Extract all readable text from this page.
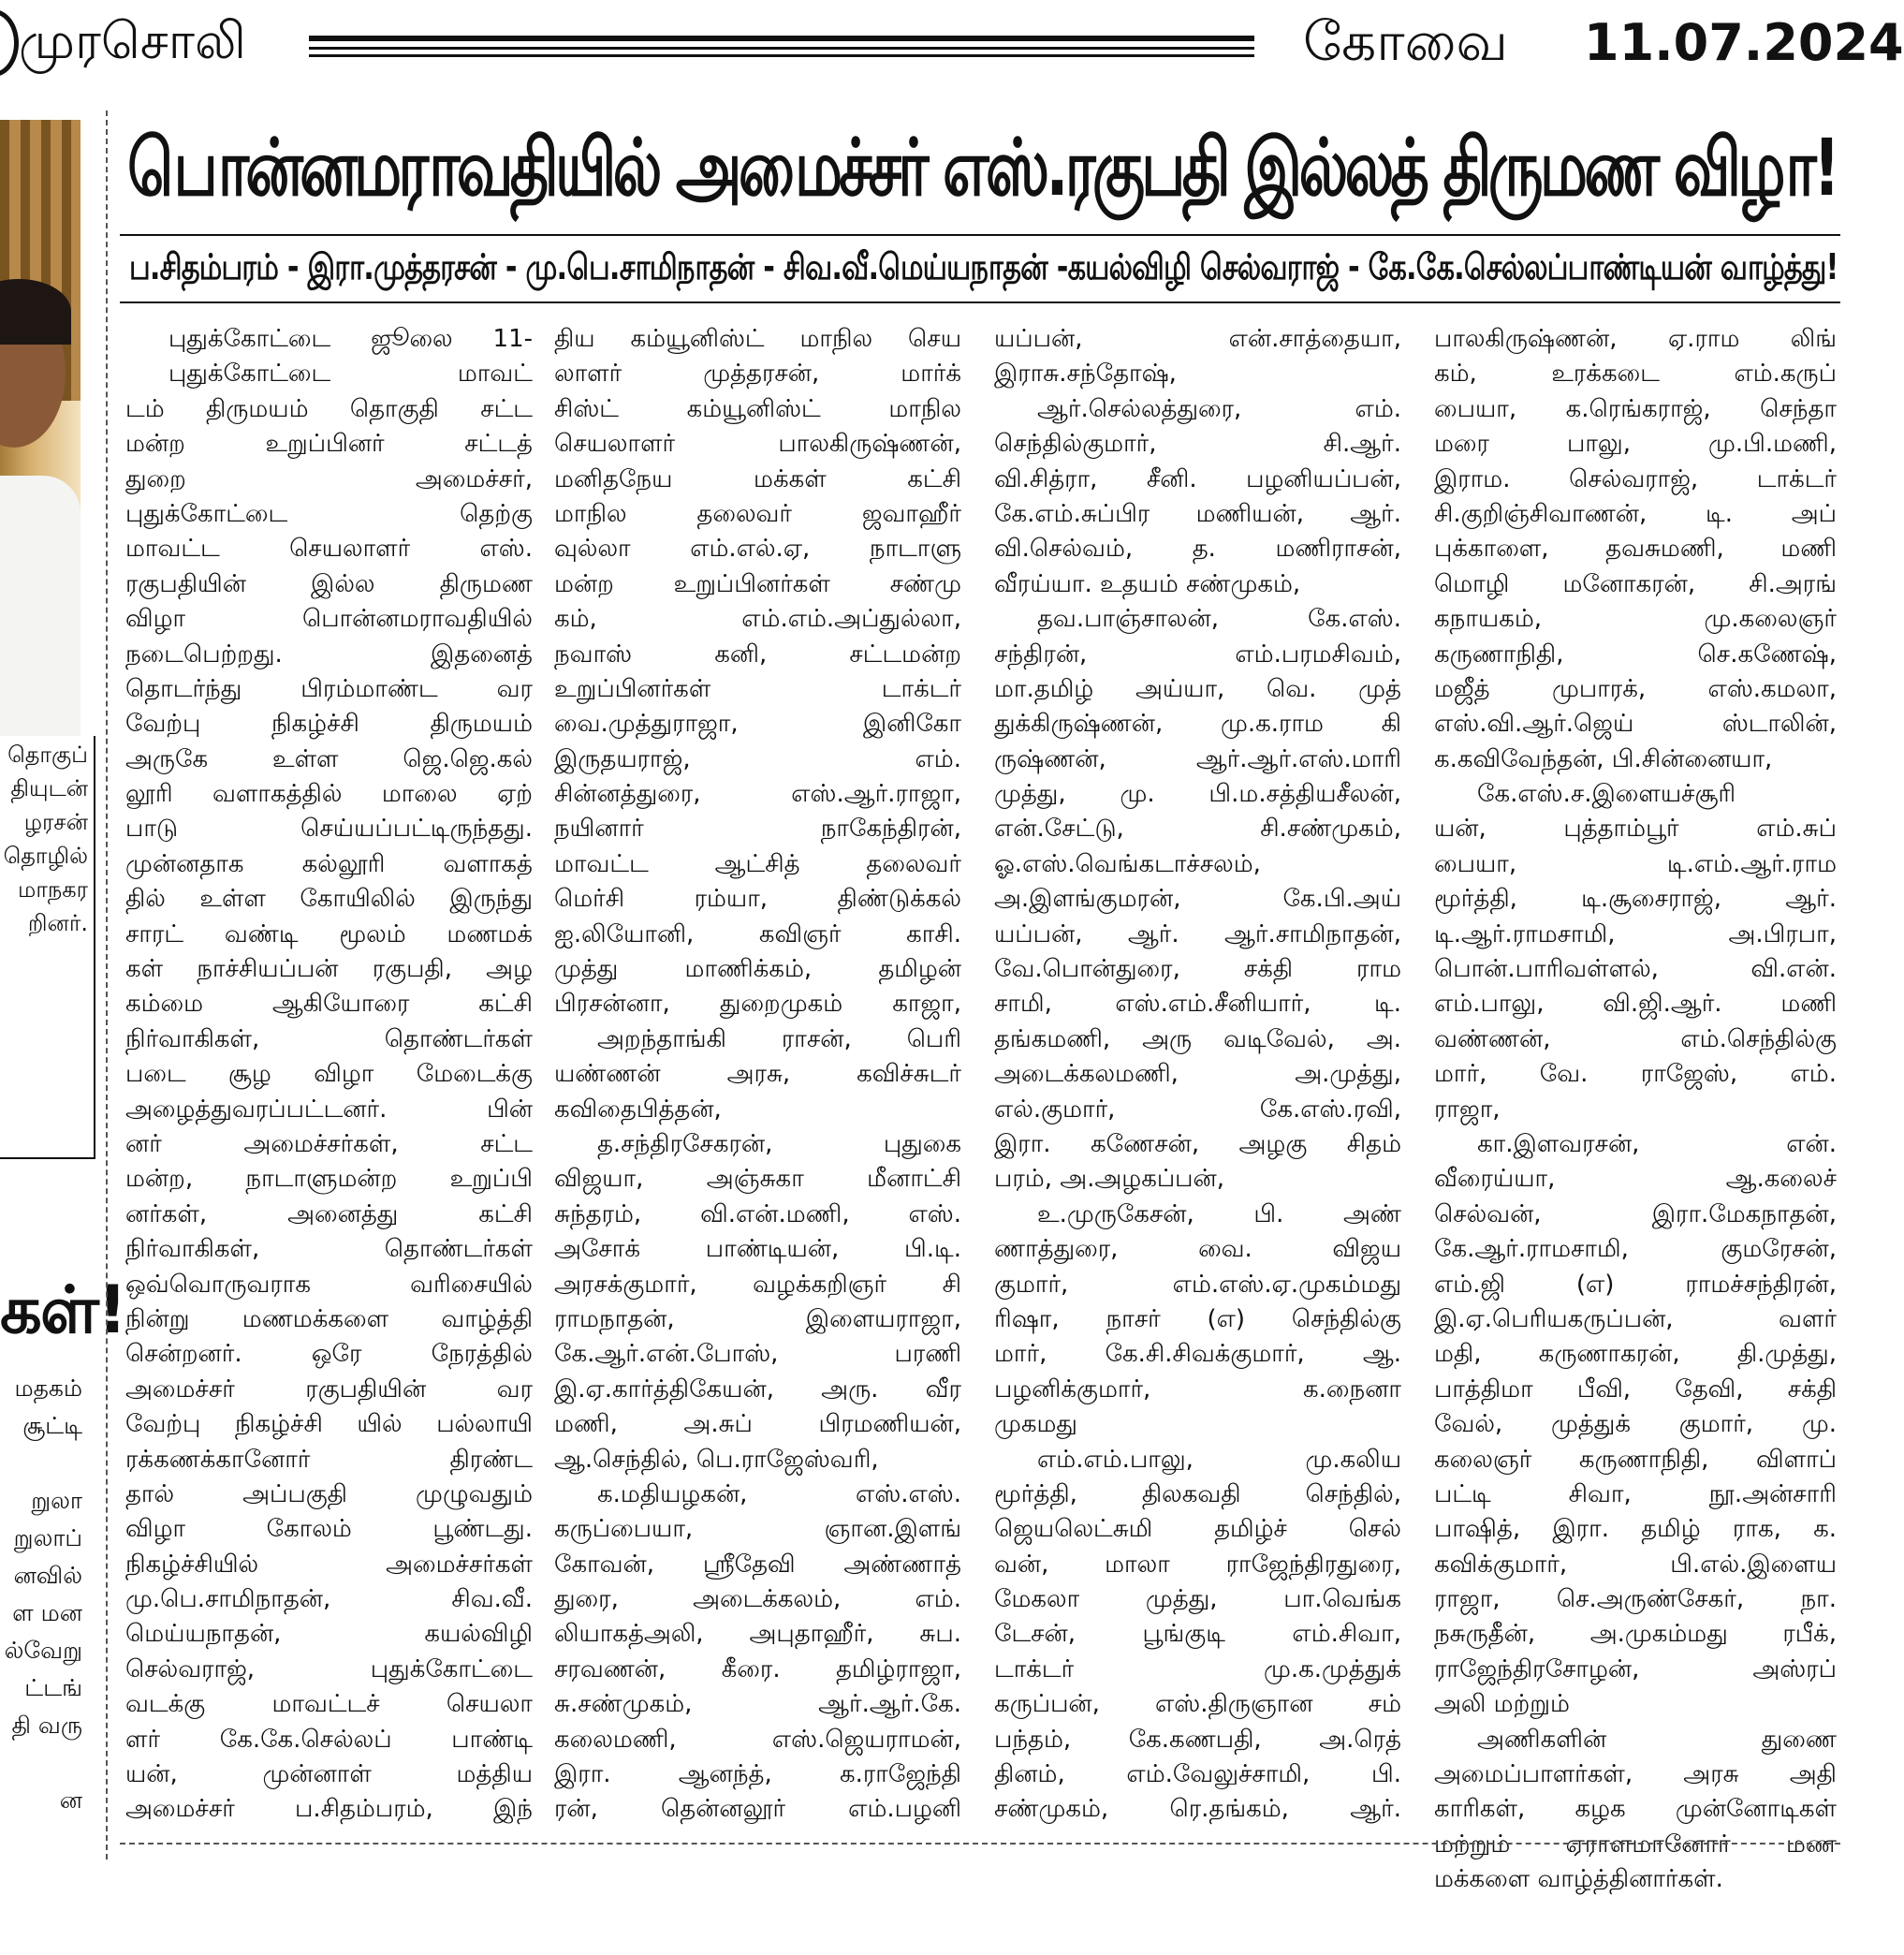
முரசொலி	கோவை 11.07.2024
தொகுப்
தியுடன்
ழரசன்
தொழில்
மாநகர
றினர்.
கள்!
மதகம்
சூட்டி
றுலா
றுலாப்
னவில்
ள மன
ல்வேறு
ட்டங்
தி வரு
ன
பொன்னமராவதியில் அமைச்சர் எஸ்.ரகுபதி இல்லத் திருமண விழா!
ப.சிதம்பரம் - இரா.முத்தரசன் - மு.பெ.சாமிநாதன் - சிவ.வீ.மெய்யநாதன் -கயல்விழி செல்வராஜ் - கே.கே.செல்லப்பாண்டியன் வாழ்த்து!
புதுக்கோட்டை ஜூலை 11-
புதுக்கோட்டை மாவட்
டம் திருமயம் தொகுதி சட்ட
மன்ற உறுப்பினர் சட்டத்
துறை அமைச்சர்,
புதுக்கோட்டை தெற்கு
மாவட்ட செயலாளர் எஸ்.
ரகுபதியின் இல்ல திருமண
விழா பொன்னமராவதியில்
நடைபெற்றது. இதனைத்
தொடர்ந்து பிரம்மாண்ட வர
வேற்பு நிகழ்ச்சி திருமயம்
அருகே உள்ள ஜெ.ஜெ.கல்
லூரி வளாகத்தில் மாலை ஏற்
பாடு செய்யப்பட்டிருந்தது.
முன்னதாக கல்லூரி வளாகத்
தில் உள்ள கோயிலில் இருந்து
சாரட் வண்டி மூலம் மணமக்
கள் நாச்சியப்பன் ரகுபதி, அழ
கம்மை ஆகியோரை கட்சி
நிர்வாகிகள், தொண்டர்கள்
படை சூழ விழா மேடைக்கு
அழைத்துவரப்பட்டனர். பின்
னர் அமைச்சர்கள், சட்ட
மன்ற, நாடாளுமன்ற உறுப்பி
னர்கள், அனைத்து கட்சி
நிர்வாகிகள், தொண்டர்கள்
ஒவ்வொருவராக வரிசையில்
நின்று மணமக்களை வாழ்த்தி
சென்றனர். ஒரே நேரத்தில்
அமைச்சர் ரகுபதியின் வர
வேற்பு நிகழ்ச்சி யில் பல்லாயி
ரக்கணக்கானோர் திரண்ட
தால் அப்பகுதி முழுவதும்
விழா கோலம் பூண்டது.
நிகழ்ச்சியில் அமைச்சர்கள்
மு.பெ.சாமிநாதன், சிவ.வீ.
மெய்யநாதன், கயல்விழி
செல்வராஜ், புதுக்கோட்டை
வடக்கு மாவட்டச் செயலா
ளர் கே.கே.செல்லப் பாண்டி
யன், முன்னாள் மத்திய
அமைச்சர் ப.சிதம்பரம், இந்
திய கம்யூனிஸ்ட் மாநில செய
லாளர் முத்தரசன், மார்க்
சிஸ்ட் கம்யூனிஸ்ட் மாநில
செயலாளர் பாலகிருஷ்ணன்,
மனிதநேய மக்கள் கட்சி
மாநில தலைவர் ஜவாஹீர்
வுல்லா எம்.எல்.ஏ, நாடாளு
மன்ற உறுப்பினர்கள் சண்மு
கம், எம்.எம்.அப்துல்லா,
நவாஸ் கனி, சட்டமன்ற
உறுப்பினர்கள் டாக்டர்
வை.முத்துராஜா, இனிகோ
இருதயராஜ், எம்.
சின்னத்துரை, எஸ்.ஆர்.ராஜா,
நயினார் நாகேந்திரன்,
மாவட்ட ஆட்சித் தலைவர்
மெர்சி ரம்யா, திண்டுக்கல்
ஐ.லியோனி, கவிஞர் காசி.
முத்து மாணிக்கம், தமிழன்
பிரசன்னா, துறைமுகம் காஜா,
அறந்தாங்கி ராசன், பெரி
யண்ணன் அரசு, கவிச்சுடர்
கவிதைபித்தன்,
த.சந்திரசேகரன், புதுகை
விஜயா, அஞ்சுகா மீனாட்சி
சுந்தரம், வி.என்.மணி, எஸ்.
அசோக் பாண்டியன், பி.டி.
அரசக்குமார், வழக்கறிஞர் சி
ராமநாதன், இளையராஜா,
கே.ஆர்.என்.போஸ், பரணி
இ.ஏ.கார்த்திகேயன், அரு. வீர
மணி, அ.சுப் பிரமணியன்,
ஆ.செந்தில், பெ.ராஜேஸ்வரி,
க.மதியழகன், எஸ்.எஸ்.
கருப்பையா, ஞான.இளங்
கோவன், ஸ்ரீதேவி அண்ணாத்
துரை, அடைக்கலம், எம்.
லியாகத்அலி, அபுதாஹீர், சுப.
சரவணன், கீரை. தமிழ்ராஜா,
சு.சண்முகம், ஆர்.ஆர்.கே.
கலைமணி, எஸ்.ஜெயராமன்,
இரா. ஆனந்த், க.ராஜேந்தி
ரன், தென்னலூர் எம்.பழனி
யப்பன், என்.சாத்தையா,
இராசு.சந்தோஷ்,
ஆர்.செல்லத்துரை, எம்.
செந்தில்குமார், சி.ஆர்.
வி.சித்ரா, சீனி. பழனியப்பன்,
கே.எம்.சுப்பிர மணியன், ஆர்.
வி.செல்வம், த. மணிராசன்,
வீரய்யா. உதயம் சண்முகம்,
தவ.பாஞ்சாலன், கே.எஸ்.
சந்திரன், எம்.பரமசிவம்,
மா.தமிழ் அய்யா, வெ. முத்
துக்கிருஷ்ணன், மு.க.ராம கி
ருஷ்ணன், ஆர்.ஆர்.எஸ்.மாரி
முத்து, மு. பி.ம.சத்தியசீலன்,
என்.சேட்டு, சி.சண்முகம்,
ஓ.எஸ்.வெங்கடாச்சலம்,
அ.இளங்குமரன், கே.பி.அய்
யப்பன், ஆர். ஆர்.சாமிநாதன்,
வே.பொன்துரை, சக்தி ராம
சாமி, எஸ்.எம்.சீனியார், டி.
தங்கமணி, அரு வடிவேல், அ.
அடைக்கலமணி, அ.முத்து,
எல்.குமார், கே.எஸ்.ரவி,
இரா. கணேசன், அழகு சிதம்
பரம், அ.அழகப்பன்,
உ.முருகேசன், பி. அண்
ணாத்துரை, வை. விஜய
குமார், எம்.எஸ்.ஏ.முகம்மது
ரிஷா, நாசர் (எ) செந்தில்கு
மார், கே.சி.சிவக்குமார், ஆ.
பழனிக்குமார், க.நைனா
முகமது
எம்.எம்.பாலு, மு.கலிய
மூர்த்தி, திலகவதி செந்தில்,
ஜெயலெட்சுமி தமிழ்ச் செல்
வன், மாலா ராஜேந்திரதுரை,
மேகலா முத்து, பா.வெங்க
டேசன், பூங்குடி எம்.சிவா,
டாக்டர் மு.க.முத்துக்
கருப்பன், எஸ்.திருஞான சம்
பந்தம், கே.கணபதி, அ.ரெத்
தினம், எம்.வேலுச்சாமி, பி.
சண்முகம், ரெ.தங்கம், ஆர்.
பாலகிருஷ்ணன், ஏ.ராம லிங்
கம், உரக்கடை எம்.கருப்
பையா, க.ரெங்கராஜ், செந்தா
மரை பாலு, மு.பி.மணி,
இராம. செல்வராஜ், டாக்டர்
சி.குறிஞ்சிவாணன், டி. அப்
புக்காளை, தவசுமணி, மணி
மொழி மனோகரன், சி.அரங்
கநாயகம், மு.கலைஞர்
கருணாநிதி, செ.கணேஷ்,
மஜீத் முபாரக், எஸ்.கமலா,
எஸ்.வி.ஆர்.ஜெய் ஸ்டாலின்,
க.கவிவேந்தன், பி.சின்னையா,
கே.எஸ்.ச.இளையச்சூரி
யன், புத்தாம்பூர் எம்.சுப்
பையா, டி.எம்.ஆர்.ராம
மூர்த்தி, டி.சூசைராஜ், ஆர்.
டி.ஆர்.ராமசாமி, அ.பிரபா,
பொன்.பாரிவள்ளல், வி.என்.
எம்.பாலு, வி.ஜி.ஆர். மணி
வண்ணன், எம்.செந்தில்கு
மார், வே. ராஜேஸ், எம்.
ராஜா,
கா.இளவரசன், என்.
வீரைய்யா, ஆ.கலைச்
செல்வன், இரா.மேகநாதன்,
கே.ஆர்.ராமசாமி, குமரேசன்,
எம்.ஜி (எ) ராமச்சந்திரன்,
இ.ஏ.பெரியகருப்பன், வளர்
மதி, கருணாகரன், தி.முத்து,
பாத்திமா பீவி, தேவி, சக்தி
வேல், முத்துக் குமார், மு.
கலைஞர் கருணாநிதி, விளாப்
பட்டி சிவா, நூ.அன்சாரி
பாஷித், இரா. தமிழ் ராக, க.
கவிக்குமார், பி.எல்.இளைய
ராஜா, செ.அருண்சேகர், நா.
நசுருதீன், அ.முகம்மது ரபீக்,
ராஜேந்திரசோழன், அஸ்ரப்
அலி மற்றும்
அணிகளின் துணை
அமைப்பாளர்கள், அரசு அதி
காரிகள், கழக முன்னோடிகள்
மற்றும் ஏராளமானோர் மண
மக்களை வாழ்த்தினார்கள்.
